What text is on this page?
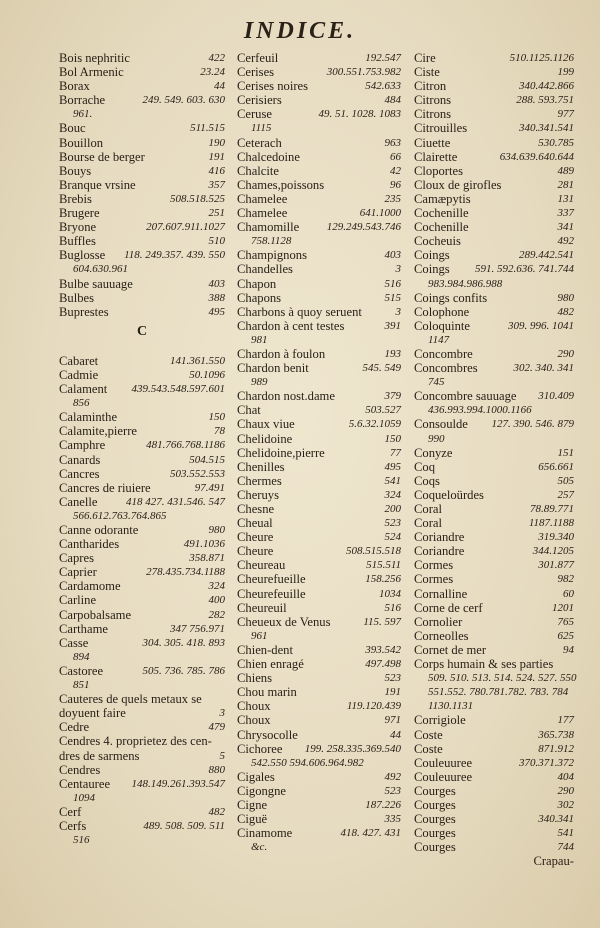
INDICE.
Bois nephritic	422
Bol Armenic	23.24
Borax	44
Borrache	249. 549. 603. 630
961.
Bouc	511.515
Bouillon	190
Bourse de berger	191
Bouys	416
Branque vrsine	357
Brebis	508.518.525
Brugere	251
Bryone	207.607.911.1027
Buffles	510
Buglosse	118. 249.357. 439. 550
604.630.961
Bulbe sauuage	403
Bulbes	388
Buprestes	495
C
Cabaret	141.361.550
Cadmie	50.1096
Calament	439.543.548.597.601
856
Calaminthe	150
Calamite,pierre	78
Camphre	481.766.768.1186
Canards	504.515
Cancres	503.552.553
Cancres de riuiere	97.491
Canelle	418 427. 431.546. 547
566.612.763.764.865
Canne odorante	980
Cantharides	491.1036
Capres	358.871
Caprier	278.435.734.1188
Cardamome	324
Carline	400
Carpobalsame	282
Carthame	347 756.971
Casse	304. 305. 418. 893
894
Castoree	505. 736. 785. 786
851
Cauteres de quels metaux se
doyuent faire	3
Cedre	479
Cendres 4. proprietez des cen-
dres de sarmens	5
Cendres	880
Centauree	148.149.261.393.547
1094
Cerf	482
Cerfs	489. 508. 509. 511
516
Cerfeuil	192.547
Cerises	300.551.753.982
Cerises noires	542.633
Cerisiers	484
Ceruse	49. 51. 1028. 1083
1115
Ceterach	963
Chalcedoine	66
Chalcite	42
Chames,poissons	96
Chamelee	235
Chamelee	641.1000
Chamomille	129.249.543.746
758.1128
Champignons	403
Chandelles	3
Chapon	516
Chapons	515
Charbons à quoy seruent	3
Chardon à cent testes	391
981
Chardon à foulon	193
Chardon benit	545. 549
989
Chardon nost.dame	379
Chat	503.527
Chaux viue	5.6.32.1059
Chelidoine	150
Chelidoine,pierre	77
Chenilles	495
Chermes	541
Cheruys	324
Chesne	200
Cheual	523
Cheure	524
Cheure	508.515.518
Cheureau	515.511
Cheurefueille	158.256
Cheurefeuille	1034
Cheureuil	516
Cheueux de Venus	115. 597
961
Chien-dent	393.542
Chien enragé	497.498
Chiens	523
Chou marin	191
Choux	119.120.439
Choux	971
Chrysocolle	44
Cichoree	199. 258.335.369.540
542.550 594.606.964.982
Cigales	492
Cigongne	523
Cigne	187.226
Ciguë	335
Cinamome	418. 427. 431
&c.
Cire	510.1125.1126
Ciste	199
Citron	340.442.866
Citrons	288. 593.751
Citrons	977
Citrouilles	340.341.541
Ciuette	530.785
Clairette	634.639.640.644
Cloportes	489
Cloux de girofles	281
Camæpytis	131
Cochenille	337
Cochenille	341
Cocheuis	492
Coings	289.442.541
Coings	591. 592.636. 741.744
983.984.986.988
Coings confits	980
Colophone	482
Coloquinte	309. 996. 1041
1147
Concombre	290
Concombres	302. 340. 341
745
Concombre sauuage	310.409
436.993.994.1000.1166
Consoulde	127. 390. 546. 879
990
Conyze	151
Coq	656.661
Coqs	505
Coqueloürdes	257
Coral	78.89.771
Coral	1187.1188
Coriandre	319.340
Coriandre	344.1205
Cormes	301.877
Cormes	982
Cornalline	60
Corne de cerf	1201
Cornolier	765
Corneolles	625
Cornet de mer	94
Corps humain & ses parties
509. 510. 513. 514. 524. 527. 550
551.552. 780.781.782. 783. 784
1130.1131
Corrigiole	177
Coste	365.738
Coste	871.912
Couleuuree	370.371.372
Couleuuree	404
Courges	290
Courges	302
Courges	340.341
Courges	541
Courges	744
Crapau-
